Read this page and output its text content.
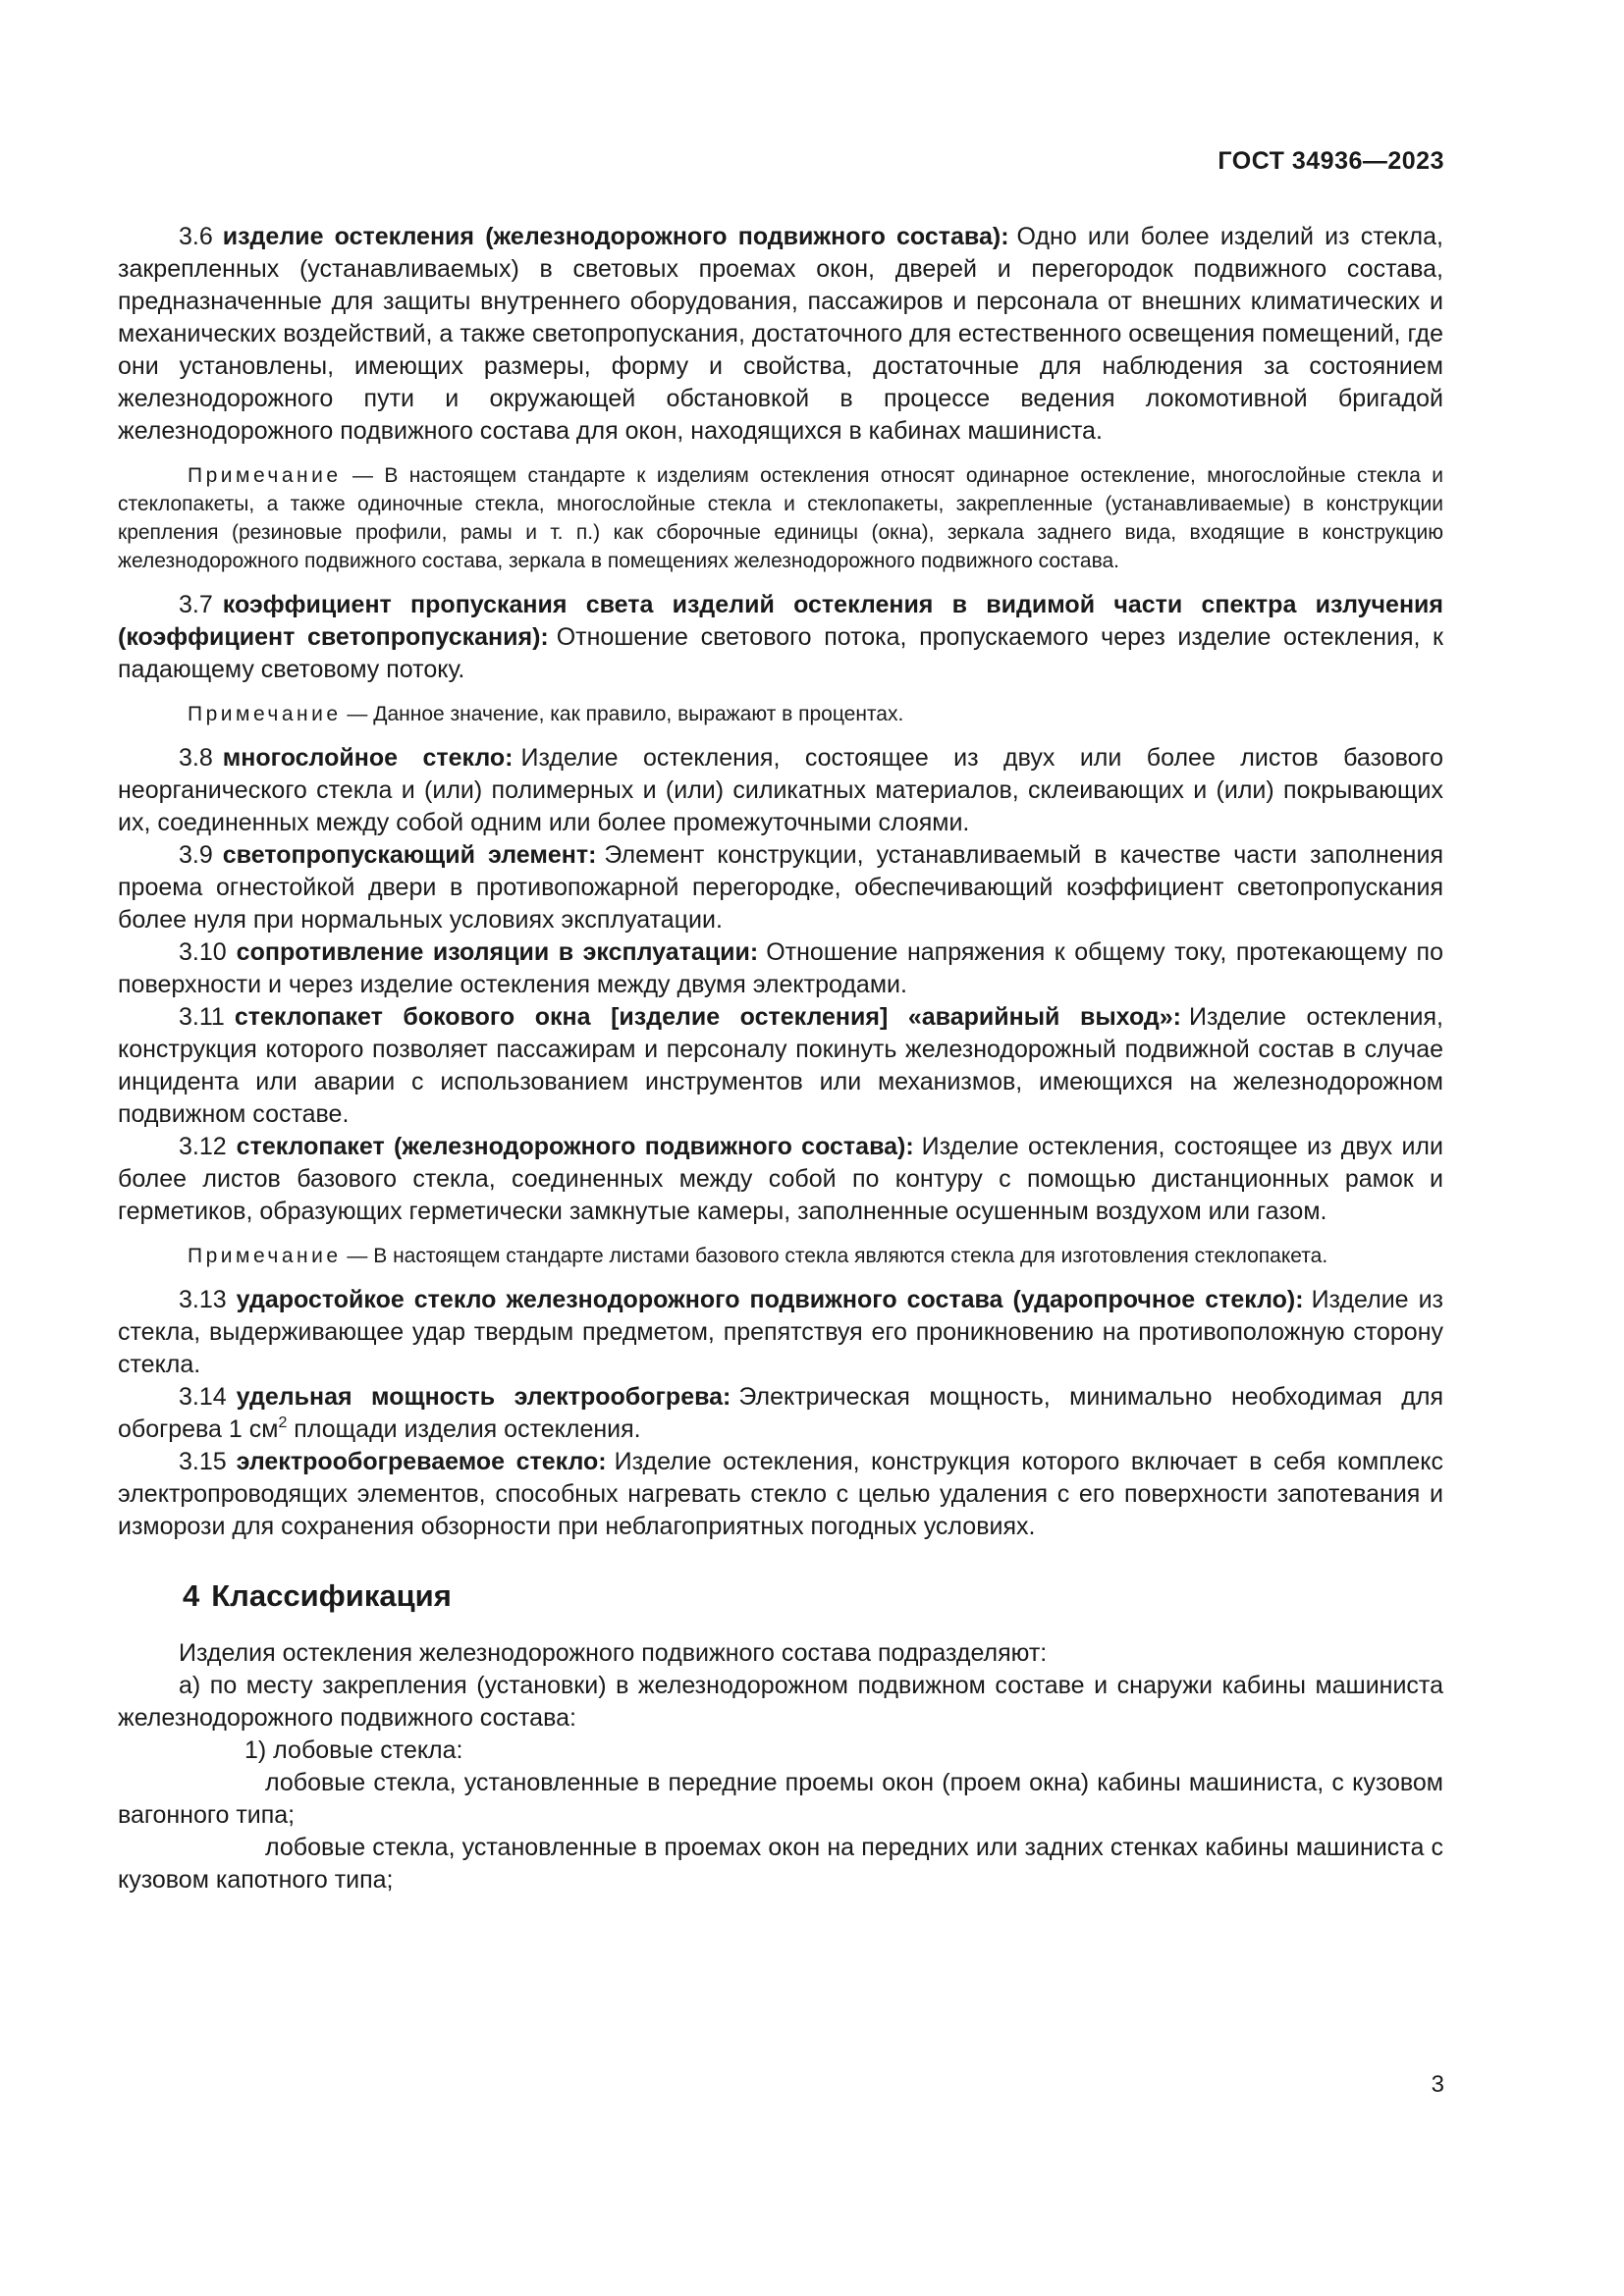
ГОСТ 34936—2023

3.6 изделие остекления (железнодорожного подвижного состава): Одно или более изделий из стекла, закрепленных (устанавливаемых) в световых проемах окон, дверей и перегородок подвижного состава, предназначенные для защиты внутреннего оборудования, пассажиров и персонала от внешних климатических и механических воздействий, а также светопропускания, достаточного для естественного освещения помещений, где они установлены, имеющих размеры, форму и свойства, достаточные для наблюдения за состоянием железнодорожного пути и окружающей обстановкой в процессе ведения локомотивной бригадой железнодорожного подвижного состава для окон, находящихся в кабинах машиниста.

Примечание — В настоящем стандарте к изделиям остекления относят одинарное остекление, многослойные стекла и стеклопакеты, а также одиночные стекла, многослойные стекла и стеклопакеты, закрепленные (устанавливаемые) в конструкции крепления (резиновые профили, рамы и т. п.) как сборочные единицы (окна), зеркала заднего вида, входящие в конструкцию железнодорожного подвижного состава, зеркала в помещениях железнодорожного подвижного состава.

3.7 коэффициент пропускания света изделий остекления в видимой части спектра излучения (коэффициент светопропускания): Отношение светового потока, пропускаемого через изделие остекления, к падающему световому потоку.

Примечание — Данное значение, как правило, выражают в процентах.

3.8 многослойное стекло: Изделие остекления, состоящее из двух или более листов базового неорганического стекла и (или) полимерных и (или) силикатных материалов, склеивающих и (или) покрывающих их, соединенных между собой одним или более промежуточными слоями.

3.9 светопропускающий элемент: Элемент конструкции, устанавливаемый в качестве части заполнения проема огнестойкой двери в противопожарной перегородке, обеспечивающий коэффициент светопропускания более нуля при нормальных условиях эксплуатации.

3.10 сопротивление изоляции в эксплуатации: Отношение напряжения к общему току, протекающему по поверхности и через изделие остекления между двумя электродами.

3.11 стеклопакет бокового окна [изделие остекления] «аварийный выход»: Изделие остекления, конструкция которого позволяет пассажирам и персоналу покинуть железнодорожный подвижной состав в случае инцидента или аварии с использованием инструментов или механизмов, имеющихся на железнодорожном подвижном составе.

3.12 стеклопакет (железнодорожного подвижного состава): Изделие остекления, состоящее из двух или более листов базового стекла, соединенных между собой по контуру с помощью дистанционных рамок и герметиков, образующих герметически замкнутые камеры, заполненные осушенным воздухом или газом.

Примечание — В настоящем стандарте листами базового стекла являются стекла для изготовления стеклопакета.

3.13 ударостойкое стекло железнодорожного подвижного состава (ударопрочное стекло): Изделие из стекла, выдерживающее удар твердым предметом, препятствуя его проникновению на противоположную сторону стекла.

3.14 удельная мощность электрообогрева: Электрическая мощность, минимально необходимая для обогрева 1 $см^2$ площади изделия остекления.

3.15 электрообогреваемое стекло: Изделие остекления, конструкция которого включает в себя комплекс электропроводящих элементов, способных нагревать стекло с целью удаления с его поверхности запотевания и изморози для сохранения обзорности при неблагоприятных погодных условиях.

4 Классификация

Изделия остекления железнодорожного подвижного состава подразделяют:

а) по месту закрепления (установки) в железнодорожном подвижном составе и снаружи кабины машиниста железнодорожного подвижного состава:

1) лобовые стекла:

лобовые стекла, установленные в передние проемы окон (проем окна) кабины машиниста, с кузовом вагонного типа;

лобовые стекла, установленные в проемах окон на передних или задних стенках кабины машиниста с кузовом капотного типа;

3
